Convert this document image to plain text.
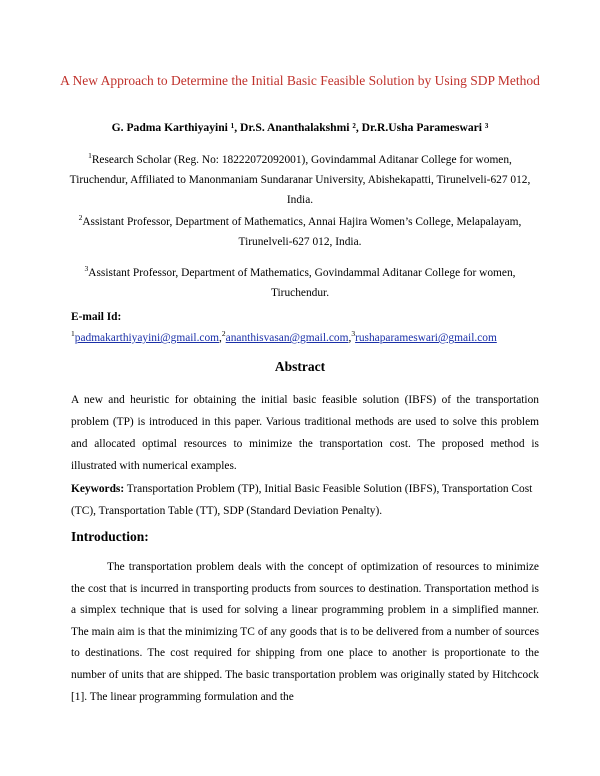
A New Approach to Determine the Initial Basic Feasible Solution by Using SDP Method
G. Padma Karthiyayini ¹, Dr.S. Ananthalakshmi ², Dr.R.Usha Parameswari ³
$^1$Research Scholar (Reg. No: 18222072092001), Govindammal Aditanar College for women, Tiruchendur, Affiliated to Manonmaniam Sundaranar University, Abishekapatti, Tirunelveli-627 012, India.
$^2$Assistant Professor, Department of Mathematics, Annai Hajira Women’s College, Melapalayam, Tirunelveli-627 012, India.
$^3$Assistant Professor, Department of Mathematics, Govindammal Aditanar College for women, Tiruchendur.
E-mail Id:
$^1$padmakarthiyayini@gmail.com,$^2$ananthisvasan@gmail.com,$^3$rushaparameswari@gmail.com
Abstract
A new and heuristic for obtaining the initial basic feasible solution (IBFS) of the transportation problem (TP) is introduced in this paper. Various traditional methods are used to solve this problem and allocated optimal resources to minimize the transportation cost. The proposed method is illustrated with numerical examples.
Keywords: Transportation Problem (TP), Initial Basic Feasible Solution (IBFS), Transportation Cost (TC), Transportation Table (TT), SDP (Standard Deviation Penalty).
Introduction:
The transportation problem deals with the concept of optimization of resources to minimize the cost that is incurred in transporting products from sources to destination. Transportation method is a simplex technique that is used for solving a linear programming problem in a simplified manner. The main aim is that the minimizing TC of any goods that is to be delivered from a number of sources to destinations. The cost required for shipping from one place to another is proportionate to the number of units that are shipped. The basic transportation problem was originally stated by Hitchcock [1]. The linear programming formulation and the
